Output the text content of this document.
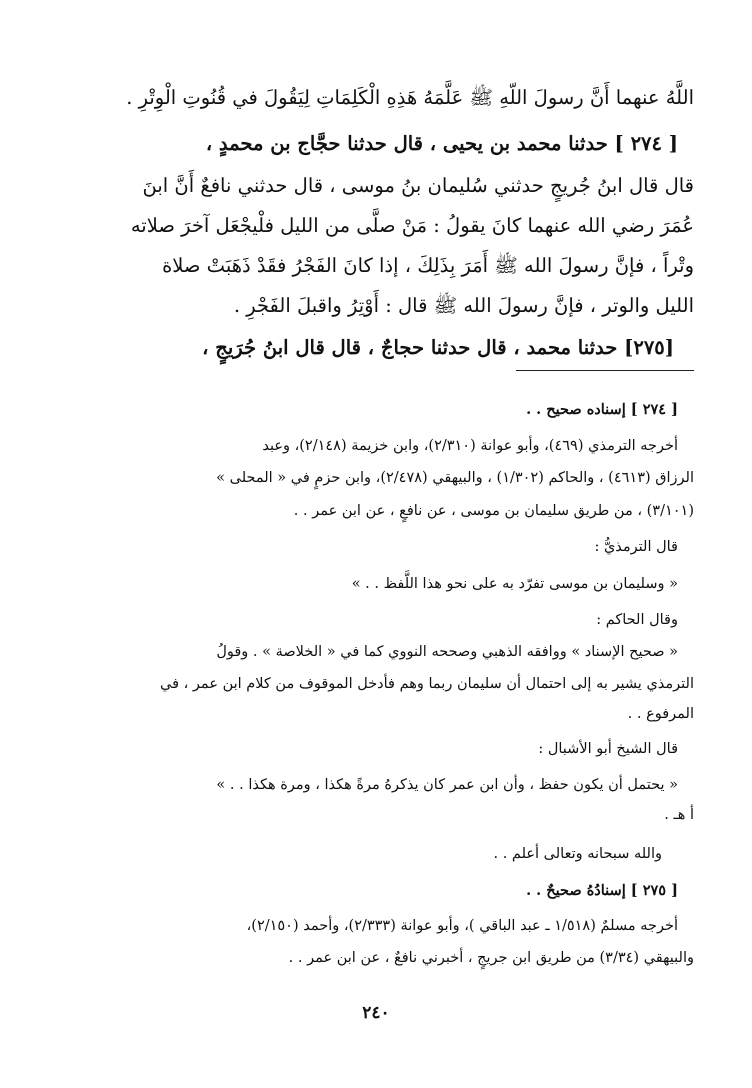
اللَّهُ عنهما أَنَّ رسولَ اللّهِ ﷺ عَلَّمَهُ هَذِهِ الْكَلِمَاتِ لِيَقُولَ في قُنُوتِ الْوِتْرِ .
[ ٢٧٤ ] حدثنا محمد بن يحيى ، قال حدثنا حجَّاج بن محمدٍ ،
قال قال ابنُ جُريجٍ حدثني سُليمان بنُ موسى ، قال حدثني نافعٌ أَنَّ ابنَ
عُمَرَ رضي الله عنهما كانَ يقولُ : مَنْ صلَّى من الليل فلْيجْعَل آخرَ صلاته
وتْراً ، فإنَّ رسولَ الله ﷺ أَمَرَ بِذَلِكَ ، إذا كانَ الفَجْرُ فقَدْ ذَهَبَتْ صلاة
الليل والوتر ، فإنَّ رسولَ الله ﷺ قال : أَوْتِرُ واقبلَ الفَجْرِ .
[٢٧٥] حدثنا محمد ، قال حدثنا حجاجٌ ، قال قال ابنُ جُرَيجٍ ،
[ ٢٧٤ ] إسناده صحيح . .
أخرجه الترمذي (٤٦٩)، وأبو عوانة (٢/٣١٠)، وابن خزيمة (٢/١٤٨)، وعبد
الرزاق (٤٦١٣) ، والحاكم (١/٣٠٢) ، والبيهقي (٢/٤٧٨)، وابن حزمٍ في « المحلى »
(٣/١٠١) ، من طريق سليمان بن موسى ، عن نافعٍ ، عن ابن عمر . .
قال الترمذيُّ :
« وسليمان بن موسى تفرّد به على نحو هذا اللَّفظ . . »
وقال الحاكم :
« صحيح الإسناد » ووافقه الذهبي وصححه النووي كما في « الخلاصة » . وقولُ
الترمذي يشير به إلى احتمال أن سليمان ربما وهم فأدخل الموقوف من كلام ابن عمر ، في
المرفوع . .
قال الشيخ أبو الأشبال :
« يحتمل أن يكون حفظ ، وأن ابن عمر كان يذكرهُ مرةً هكذا ، ومرة هكذا . . »
أ هـ .
والله سبحانه وتعالى أعلم . .
[ ٢٧٥ ] إسنادُهُ صحيحٌ . .
أخرجه مسلمٌ (١/٥١٨ ـ عبد الباقي )، وأبو عوانة (٢/٣٣٣)، وأحمد (٢/١٥٠)،
والبيهقي (٣/٣٤) من طريق ابن جريجٍ ، أخبرني نافعٌ ، عن ابن عمر . .
٢٤٠
